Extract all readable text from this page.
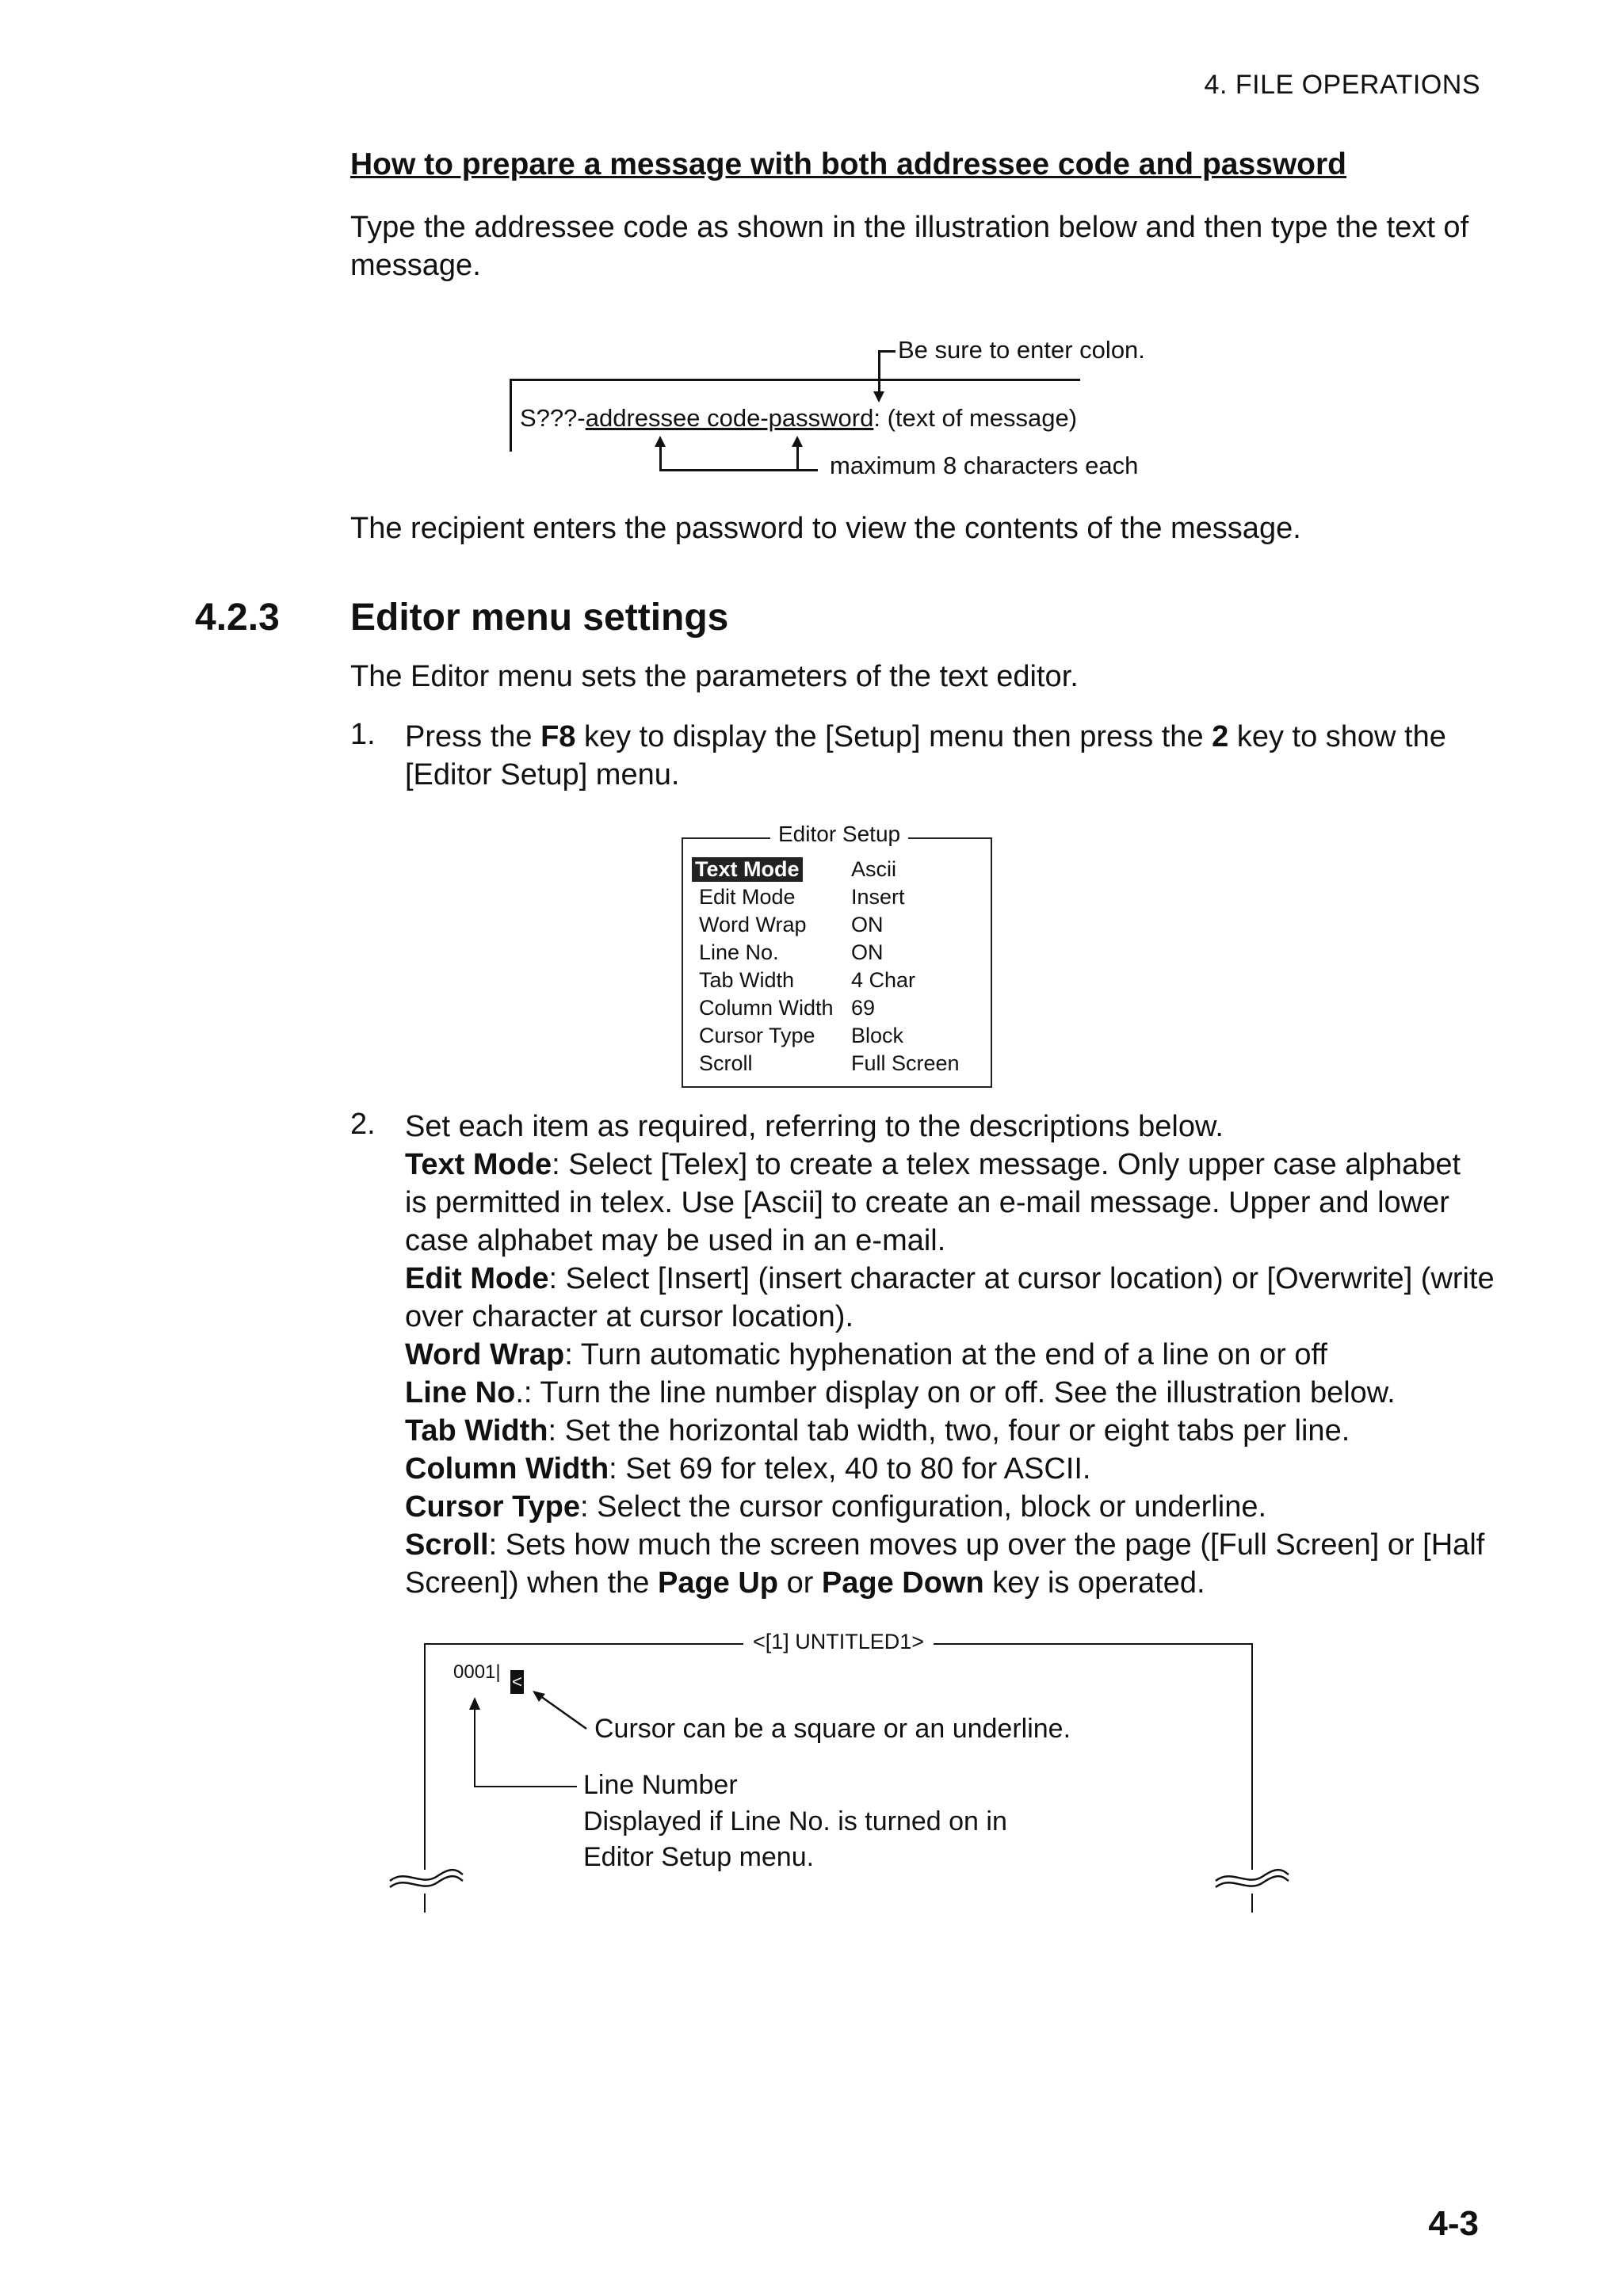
4. FILE OPERATIONS
How to prepare a message with both addressee code and password
Type the addressee code as shown in the illustration below and then type the text of
message.
Be sure to enter colon.
S???-addressee code-password: (text of message)
maximum 8 characters each
The recipient enters the password to view the contents of the message.
4.2.3 Editor menu settings
The Editor menu sets the parameters of the text editor.
1. Press the F8 key to display the [Setup] menu then press the 2 key to show the
[Editor Setup] menu.
Editor Setup
Text Mode Ascii
Edit Mode	Insert
Word Wrap ON
Line No.	ON
Tab Width	4 Char
Column Width 69
Cursor Type Block
Scroll	Full Screen
2. Set each item as required, referring to the descriptions below.
Text Mode: Select [Telex] to create a telex message. Only upper case alphabet
is permitted in telex. Use [Ascii] to create an e-mail message. Upper and lower
case alphabet may be used in an e-mail.
Edit Mode: Select [Insert] (insert character at cursor location) or [Overwrite] (write
over character at cursor location).
Word Wrap: Turn automatic hyphenation at the end of a line on or off
Line No.: Turn the line number display on or off. See the illustration below.
Tab Width: Set the horizontal tab width, two, four or eight tabs per line.
Column Width: Set 69 for telex, 40 to 80 for ASCII.
Cursor Type: Select the cursor configuration, block or underline.
Scroll: Sets how much the screen moves up over the page ([Full Screen] or [Half
Screen]) when the Page Up or Page Down key is operated.
<[1] UNTITLED1>
0001| <
Cursor can be a square or an underline.
Line Number
Displayed if Line No. is turned on in
Editor Setup menu.
4-3
